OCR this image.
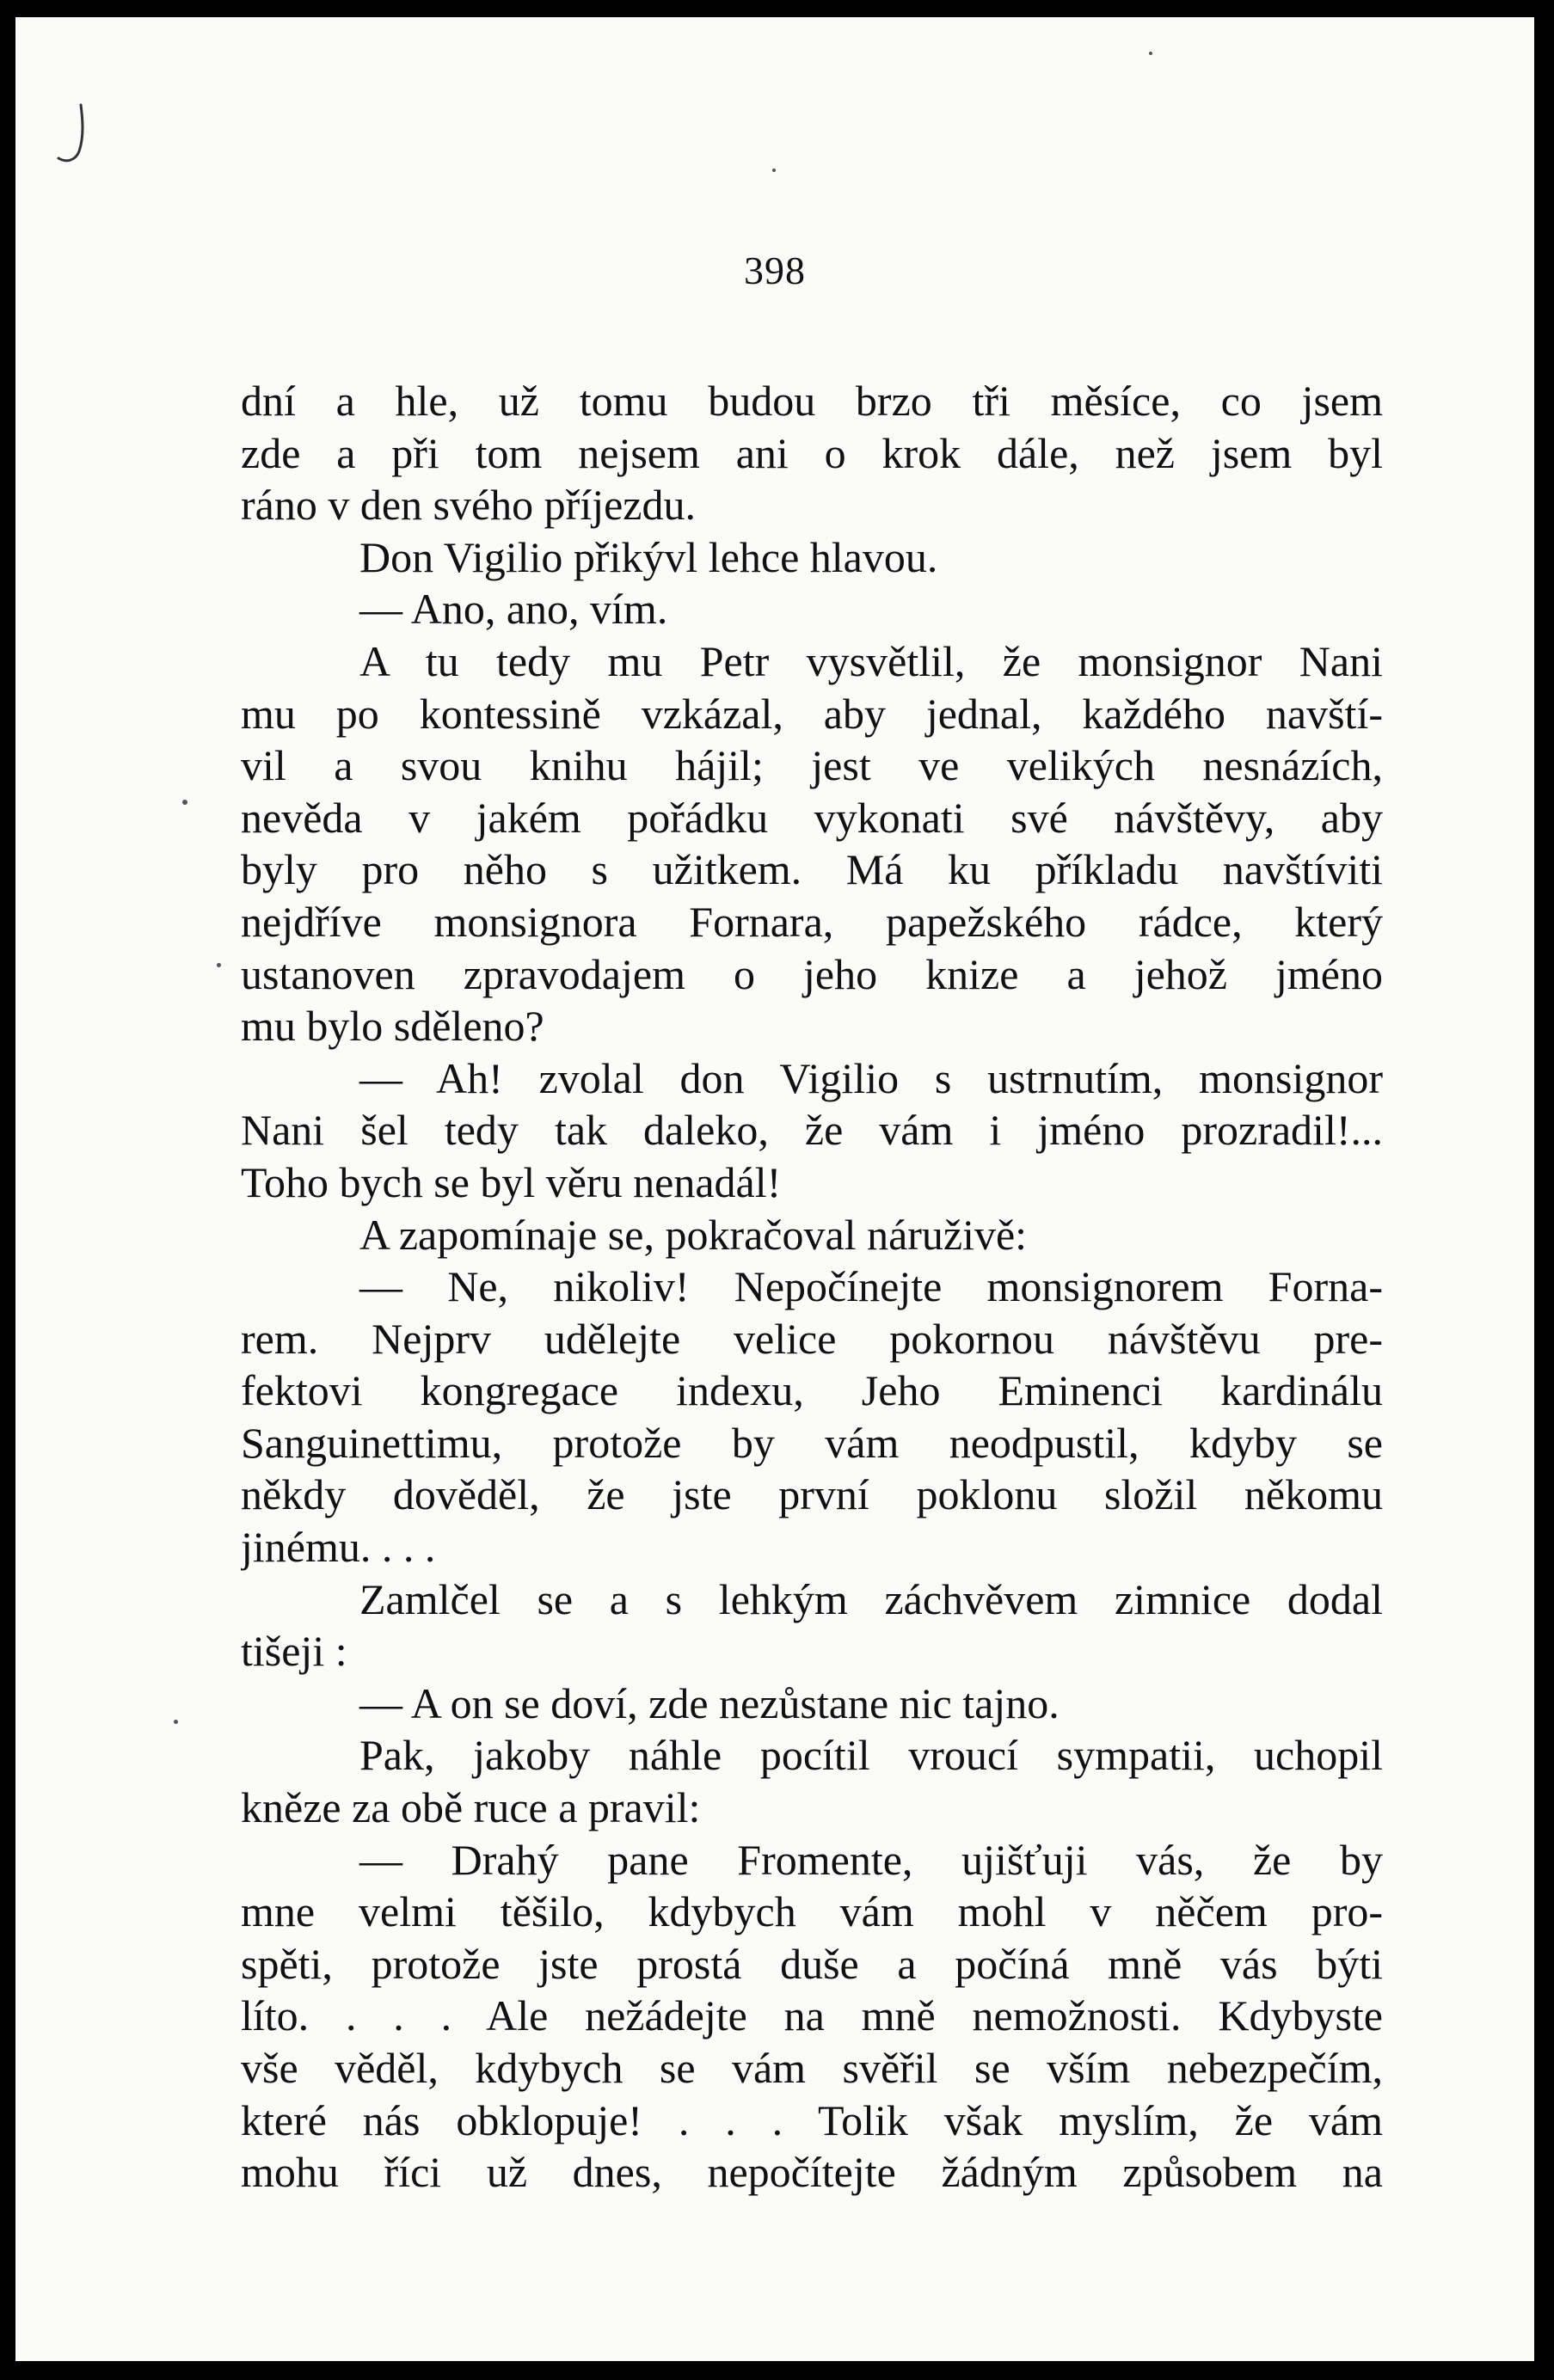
398
dní a hle, už tomu budou brzo tři měsíce, co jsem
zde a při tom nejsem ani o krok dále, než jsem byl
ráno v den svého příjezdu.
Don Vigilio přikývl lehce hlavou.
— Ano, ano, vím.
A tu tedy mu Petr vysvětlil, že monsignor Nani
mu po kontessině vzkázal, aby jednal, každého navští-
vil a svou knihu hájil; jest ve velikých nesnázích,
nevěda v jakém pořádku vykonati své návštěvy, aby
byly pro něho s užitkem. Má ku příkladu navštíviti
nejdříve monsignora Fornara, papežského rádce, který
ustanoven zpravodajem o jeho knize a jehož jméno
mu bylo sděleno?
— Ah! zvolal don Vigilio s ustrnutím, monsignor
Nani šel tedy tak daleko, že vám i jméno prozradil!...
Toho bych se byl věru nenadál!
A zapomínaje se, pokračoval náruživě:
— Ne, nikoliv! Nepočínejte monsignorem Forna-
rem. Nejprv udělejte velice pokornou návštěvu pre-
fektovi kongregace indexu, Jeho Eminenci kardinálu
Sanguinettimu, protože by vám neodpustil, kdyby se
někdy dověděl, že jste první poklonu složil někomu
jinému. . . .
Zamlčel se a s lehkým záchvěvem zimnice dodal
tišeji :
— A on se doví, zde nezůstane nic tajno.
Pak, jakoby náhle pocítil vroucí sympatii, uchopil
kněze za obě ruce a pravil:
— Drahý pane Fromente, ujišťuji vás, že by
mne velmi těšilo, kdybych vám mohl v něčem pro-
spěti, protože jste prostá duše a počíná mně vás býti
líto. . . . Ale nežádejte na mně nemožnosti. Kdybyste
vše věděl, kdybych se vám svěřil se vším nebezpečím,
které nás obklopuje! . . . Tolik však myslím, že vám
mohu říci už dnes, nepočítejte žádným způsobem na
